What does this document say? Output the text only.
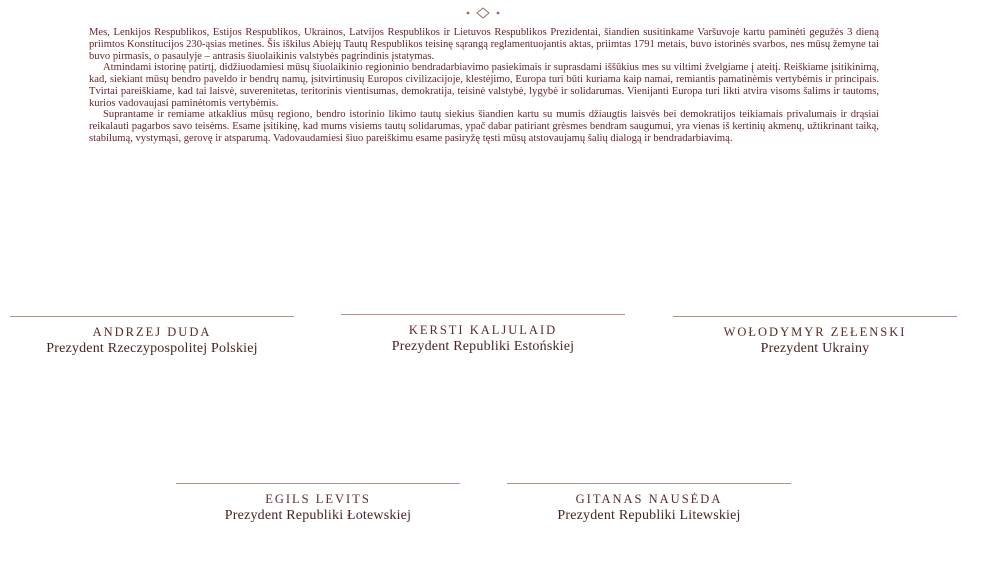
Mes, Lenkijos Respublikos, Estijos Respublikos, Ukrainos, Latvijos Respublikos ir Lietuvos Respublikos Prezidentai, šiandien susitinkame Varšuvoje kartu paminėti gegužės 3 dieną priimtos Konstitucijos 230-ąsias metines. Šis iškilus Abiejų Tautų Respublikos teisinę sąrangą reglamentuojantis aktas, priimtas 1791 metais, buvo istorinės svarbos, nes mūsų žemyne tai buvo pirmasis, o pasaulyje – antrasis šiuolaikinis valstybės pagrindinis įstatymas.

Atmindami istorinę patirtį, didžiuodamiesi mūsų šiuolaikinio regioninio bendradarbiavimo pasiekimais ir suprasdami iššūkius mes su viltimi žvelgiame į ateitį. Reiškiame įsitikinimą, kad, siekiant mūsų bendro paveldo ir bendrų namų, įsitvirtinusių Europos civilizacijoje, klestėjimo, Europa turi būti kuriama kaip namai, remiantis pamatinėmis vertybėmis ir principais. Tvirtai pareiškiame, kad tai laisvė, suverenitetas, teritorinis vientisumas, demokratija, teisinė valstybė, lygybė ir solidarumas. Vienijanti Europa turi likti atvira visoms šalims ir tautoms, kurios vadovaujasi paminėtomis vertybėmis.

Suprantame ir remiame atkaklius mūsų regiono, bendro istorinio likimo tautų siekius šiandien kartu su mumis džiaugtis laisvės bei demokratijos teikiamais privalumais ir drąsiai reikalauti pagarbos savo teisėms. Esame įsitikinę, kad mums visiems tautų solidarumas, ypač dabar patiriant grėsmes bendram saugumui, yra vienas iš kertinių akmenų, užtikrinant taiką, stabilumą, vystymąsi, gerovę ir atsparumą. Vadovaudamiesi šiuo pareiškimu esame pasiryžę tęsti mūsų atstovaujamų šalių dialogą ir bendradarbiavimą.

ANDRZEJ DUDA
Prezydent Rzeczypospolitej Polskiej
KERSTI KALJULAID
Prezydent Republiki Estońskiej
WOŁODYMYR ZEŁENSKI
Prezydent Ukrainy
EGILS LEVITS
Prezydent Republiki Łotewskiej
GITANAS NAUSĖDA
Prezydent Republiki Litewskiej
